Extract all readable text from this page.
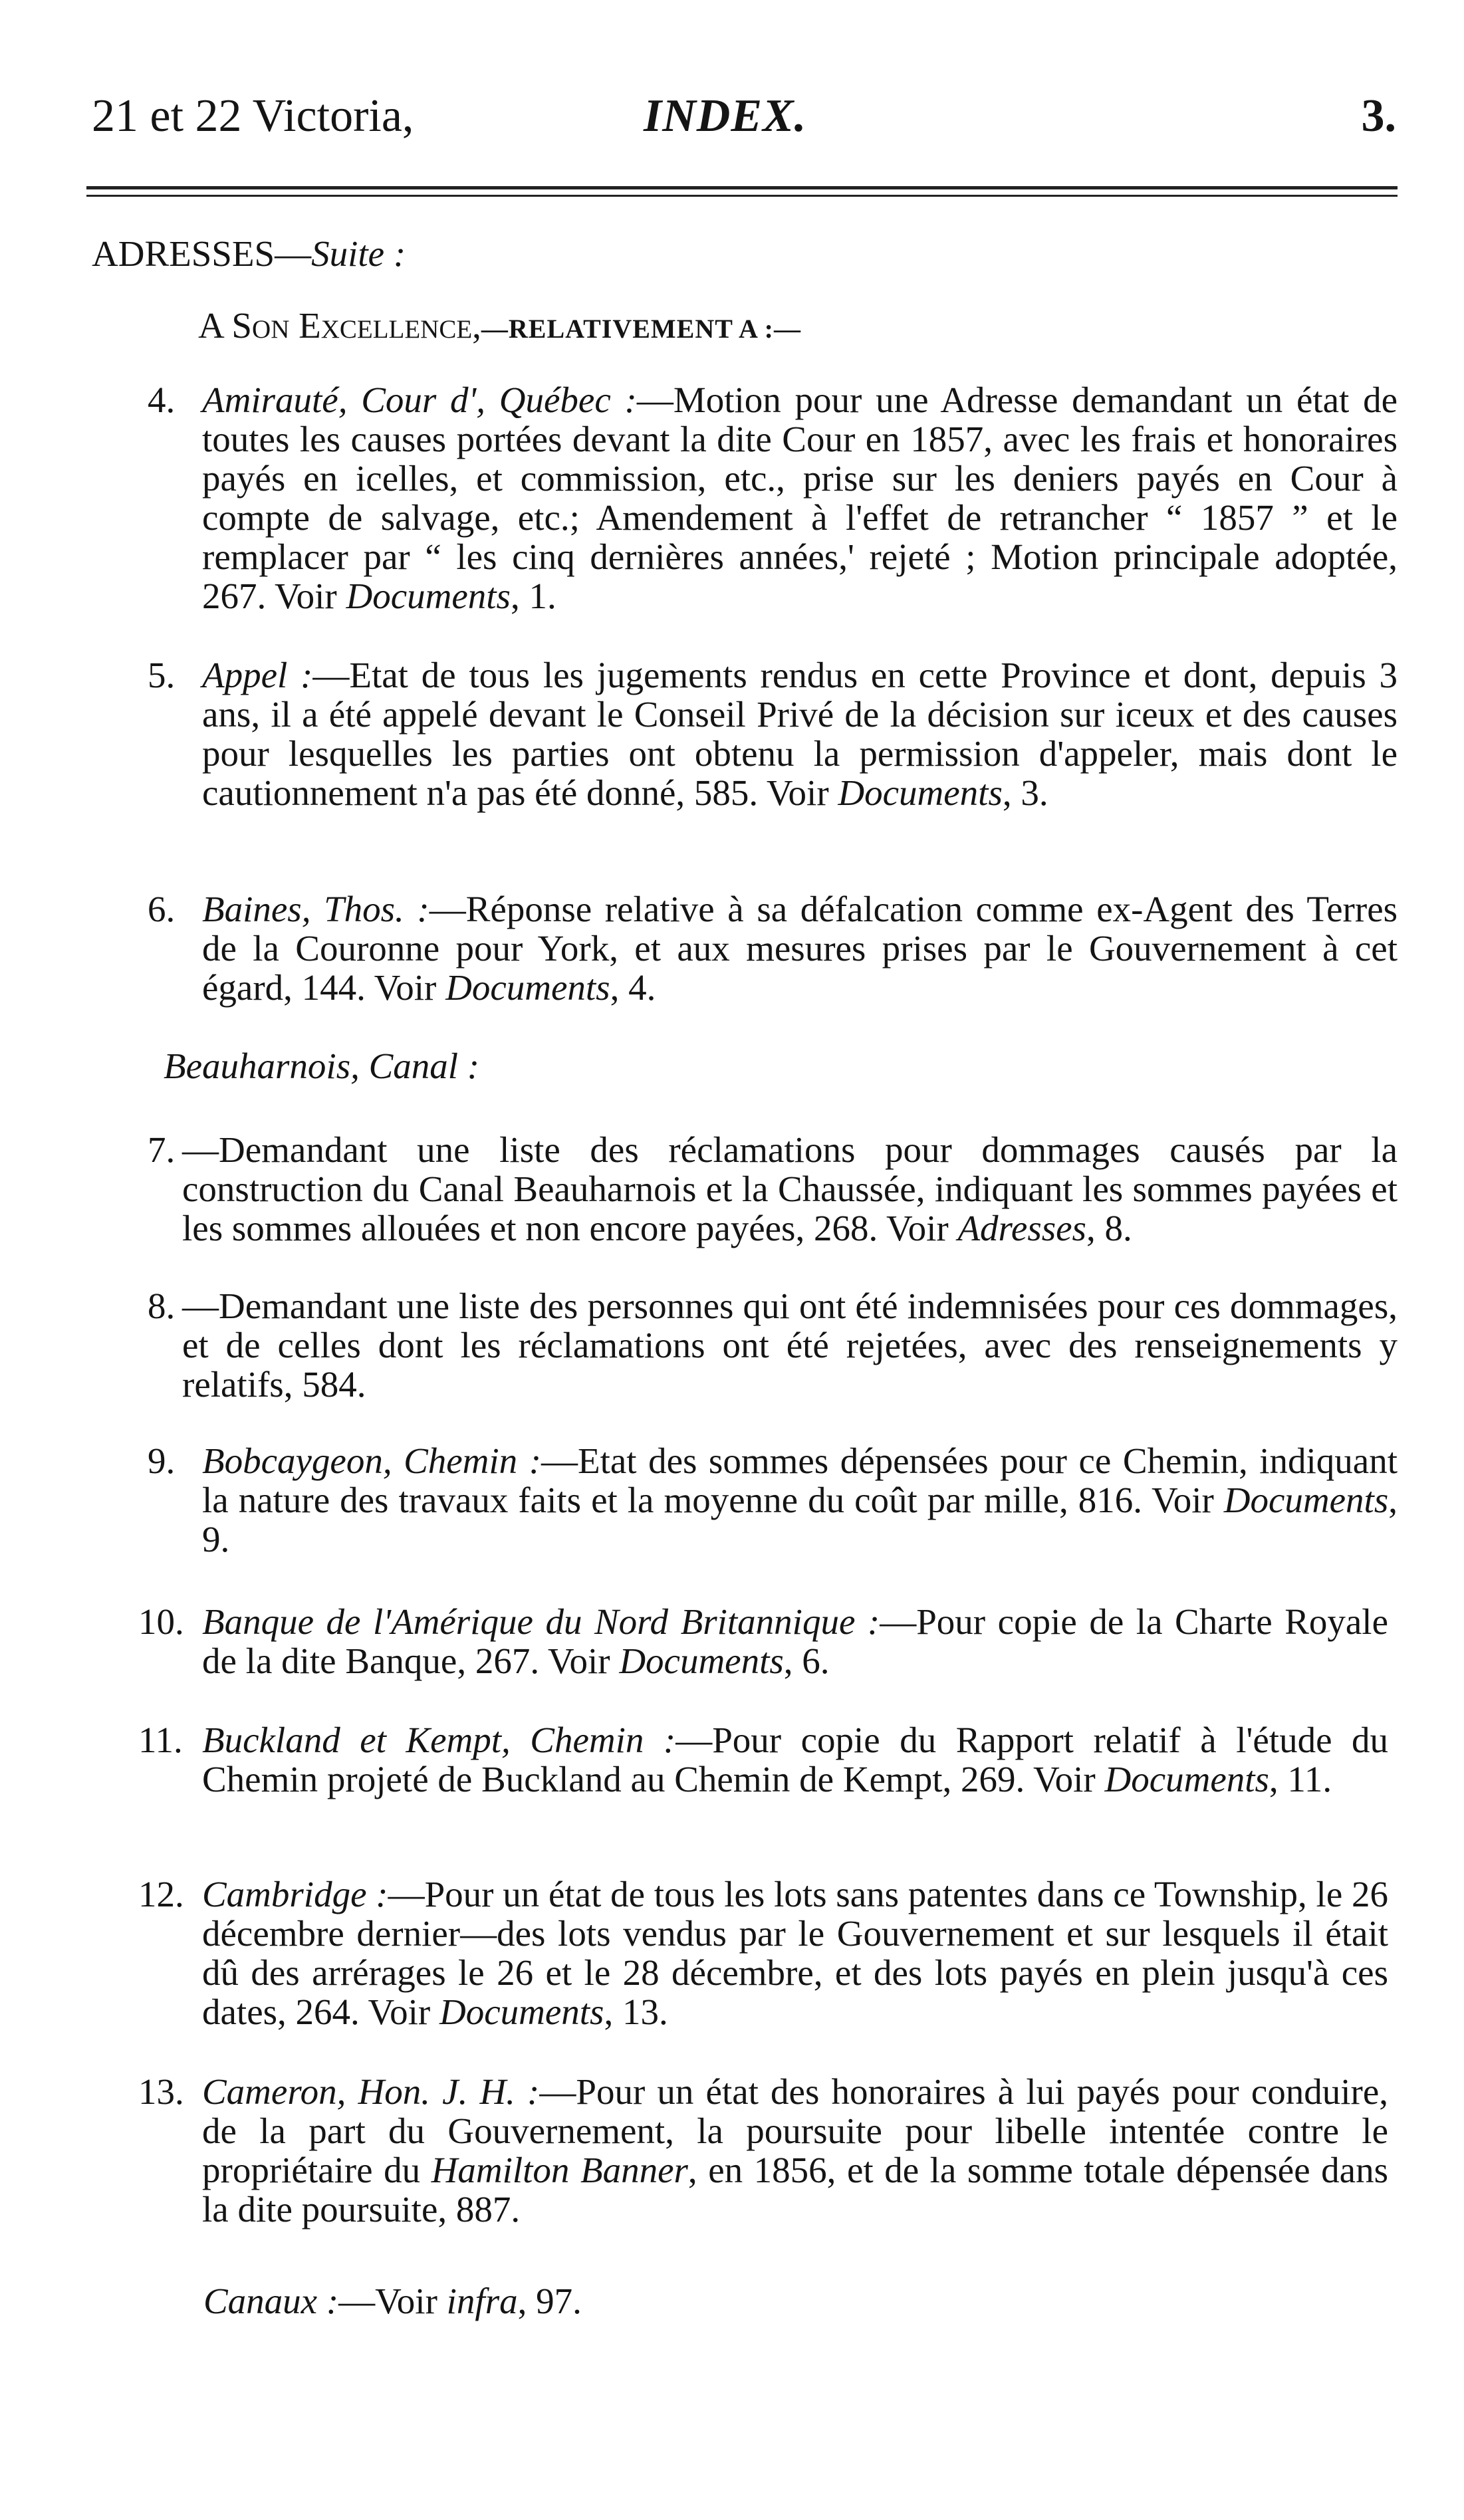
21 et 22 Victoria,	INDEX.	3.
ADRESSES—Suite :
A Son Excellence,—RELATIVEMENT A :—
4. Amirauté, Cour d', Québec :—Motion pour une Adresse demandant un état de toutes les causes portées devant la dite Cour en 1857, avec les frais et honoraires payés en icelles, et commission, etc., prise sur les deniers payés en Cour à compte de salvage, etc.; Amendement à l'effet de retrancher “ 1857 ” et le remplacer par “ les cinq dernières années,' rejeté ; Motion principale adoptée, 267. Voir Documents, 1.
5. Appel :—Etat de tous les jugements rendus en cette Province et dont, depuis 3 ans, il a été appelé devant le Conseil Privé de la décision sur iceux et des causes pour lesquelles les parties ont obtenu la permission d'appeler, mais dont le cautionnement n'a pas été donné, 585. Voir Documents, 3.
6. Baines, Thos. :—Réponse relative à sa défalcation comme ex-Agent des Terres de la Couronne pour York, et aux mesures prises par le Gouvernement à cet égard, 144. Voir Documents, 4.
Beauharnois, Canal :
7. —Demandant une liste des réclamations pour dommages causés par la construction du Canal Beauharnois et la Chaussée, indiquant les sommes payées et les sommes allouées et non encore payées, 268. Voir Adresses, 8.
8. —Demandant une liste des personnes qui ont été indemnisées pour ces dommages, et de celles dont les réclamations ont été rejetées, avec des renseignements y relatifs, 584.
9. Bobcaygeon, Chemin :—Etat des sommes dépensées pour ce Chemin, indiquant la nature des travaux faits et la moyenne du coût par mille, 816. Voir Documents, 9.
10. Banque de l'Amérique du Nord Britannique :—Pour copie de la Charte Royale de la dite Banque, 267. Voir Documents, 6.
11. Buckland et Kempt, Chemin :—Pour copie du Rapport relatif à l'étude du Chemin projeté de Buckland au Chemin de Kempt, 269. Voir Documents, 11.
12. Cambridge :—Pour un état de tous les lots sans patentes dans ce Township, le 26 décembre dernier—des lots vendus par le Gouvernement et sur lesquels il était dû des arrérages le 26 et le 28 décembre, et des lots payés en plein jusqu'à ces dates, 264. Voir Documents, 13.
13. Cameron, Hon. J. H. :—Pour un état des honoraires à lui payés pour conduire, de la part du Gouvernement, la poursuite pour libelle intentée contre le propriétaire du Hamilton Banner, en 1856, et de la somme totale dépensée dans la dite poursuite, 887.
Canaux :—Voir infra, 97.
